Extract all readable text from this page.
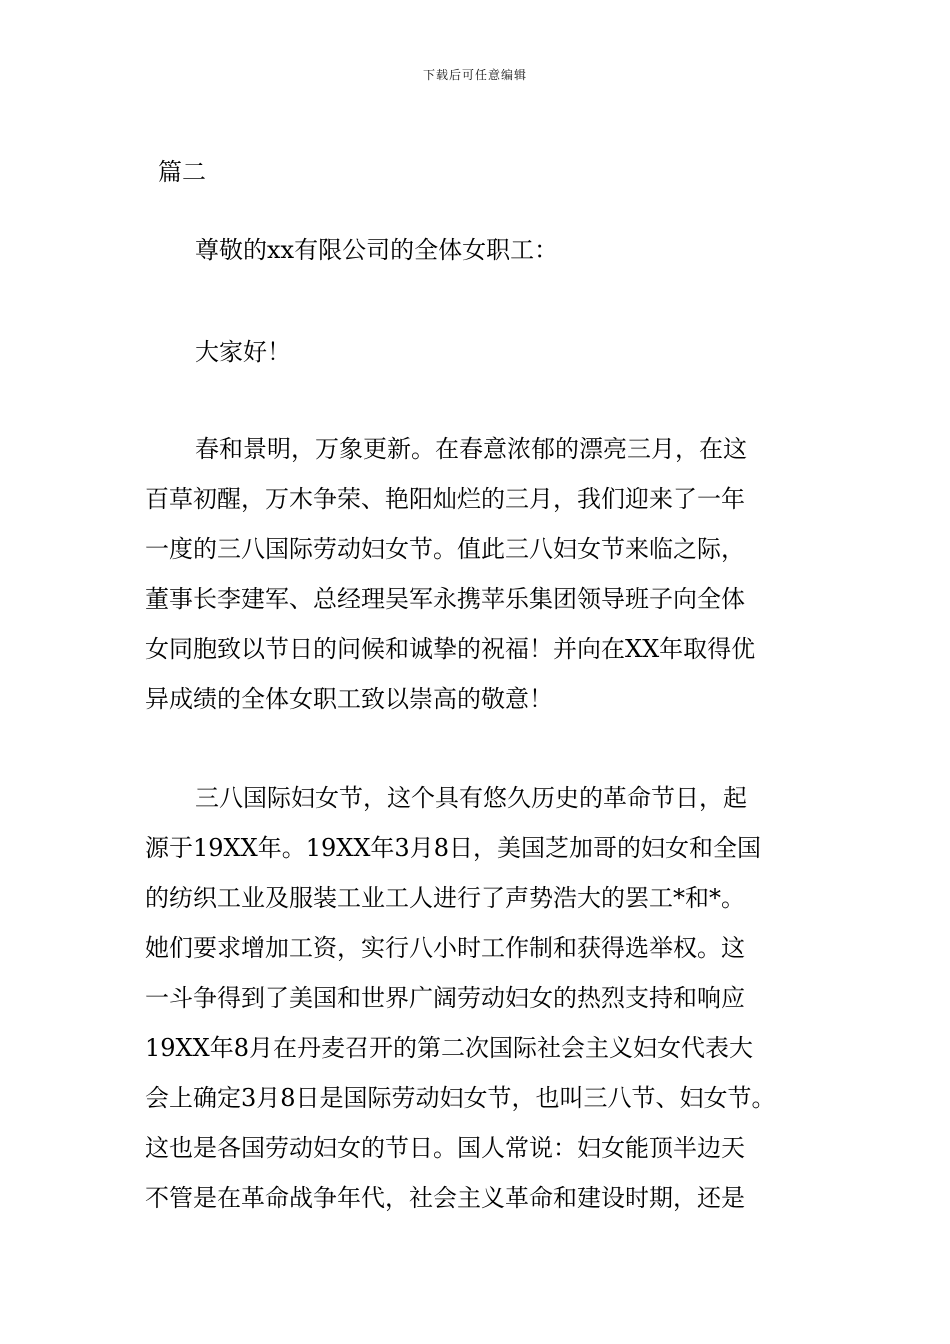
下载后可任意编辑
篇二
尊敬的xx有限公司的全体女职工：
大家好！
春和景明，万象更新。在春意浓郁的漂亮三月，在这
百草初醒，万木争荣、艳阳灿烂的三月，我们迎来了一年
一度的三八国际劳动妇女节。值此三八妇女节来临之际，
董事长李建军、总经理吴军永携苹乐集团领导班子向全体
女同胞致以节日的问候和诚挚的祝福！并向在XX年取得优
异成绩的全体女职工致以崇高的敬意！
三八国际妇女节，这个具有悠久历史的革命节日，起
源于19XX年。19XX年3月8日，美国芝加哥的妇女和全国
的纺织工业及服装工业工人进行了声势浩大的罢工*和*。
她们要求增加工资，实行八小时工作制和获得选举权。这
一斗争得到了美国和世界广阔劳动妇女的热烈支持和响应
19XX年8月在丹麦召开的第二次国际社会主义妇女代表大
会上确定3月8日是国际劳动妇女节，也叫三八节、妇女节。
这也是各国劳动妇女的节日。国人常说：妇女能顶半边天
不管是在革命战争年代，社会主义革命和建设时期，还是
